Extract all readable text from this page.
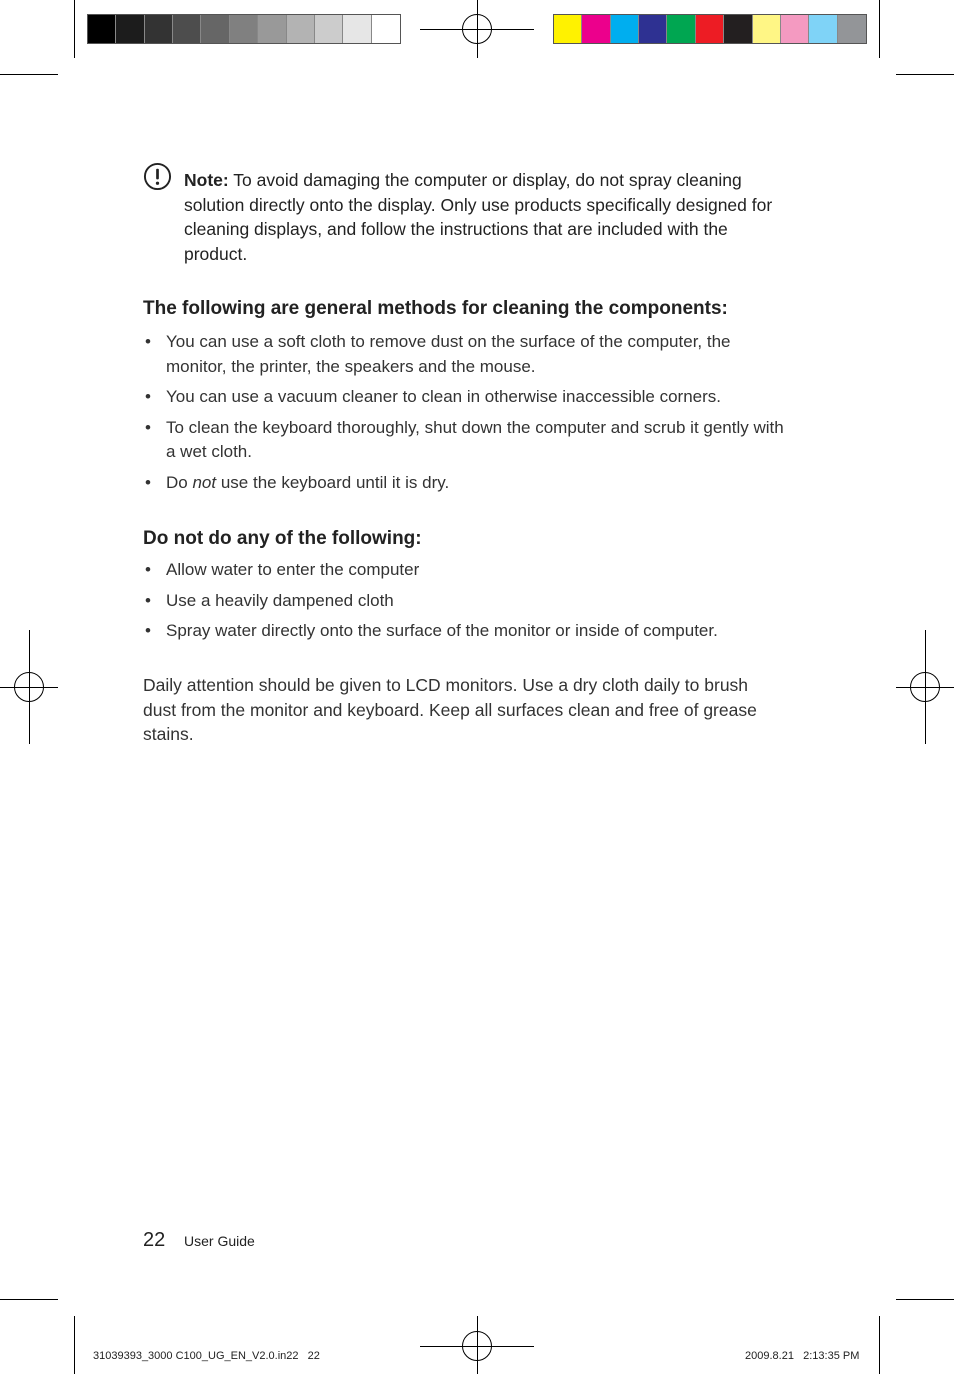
Note: To avoid damaging the computer or display, do not spray cleaning solution directly onto the display. Only use products specifically designed for cleaning displays, and follow the instructions that are included with the product.
The following are general methods for cleaning the components:
• You can use a soft cloth to remove dust on the surface of the computer, the monitor, the printer, the speakers and the mouse.
• You can use a vacuum cleaner to clean in otherwise inaccessible corners.
• To clean the keyboard thoroughly, shut down the computer and scrub it gently with a wet cloth.
• Do not use the keyboard until it is dry.
Do not do any of the following:
• Allow water to enter the computer
• Use a heavily dampened cloth
• Spray water directly onto the surface of the monitor or inside of computer.
Daily attention should be given to LCD monitors. Use a dry cloth daily to brush dust from the monitor and keyboard. Keep all surfaces clean and free of grease stains.
22 User Guide
31039393_3000 C100_UG_EN_V2.0.in22   22	2009.8.21   2:13:35 PM
